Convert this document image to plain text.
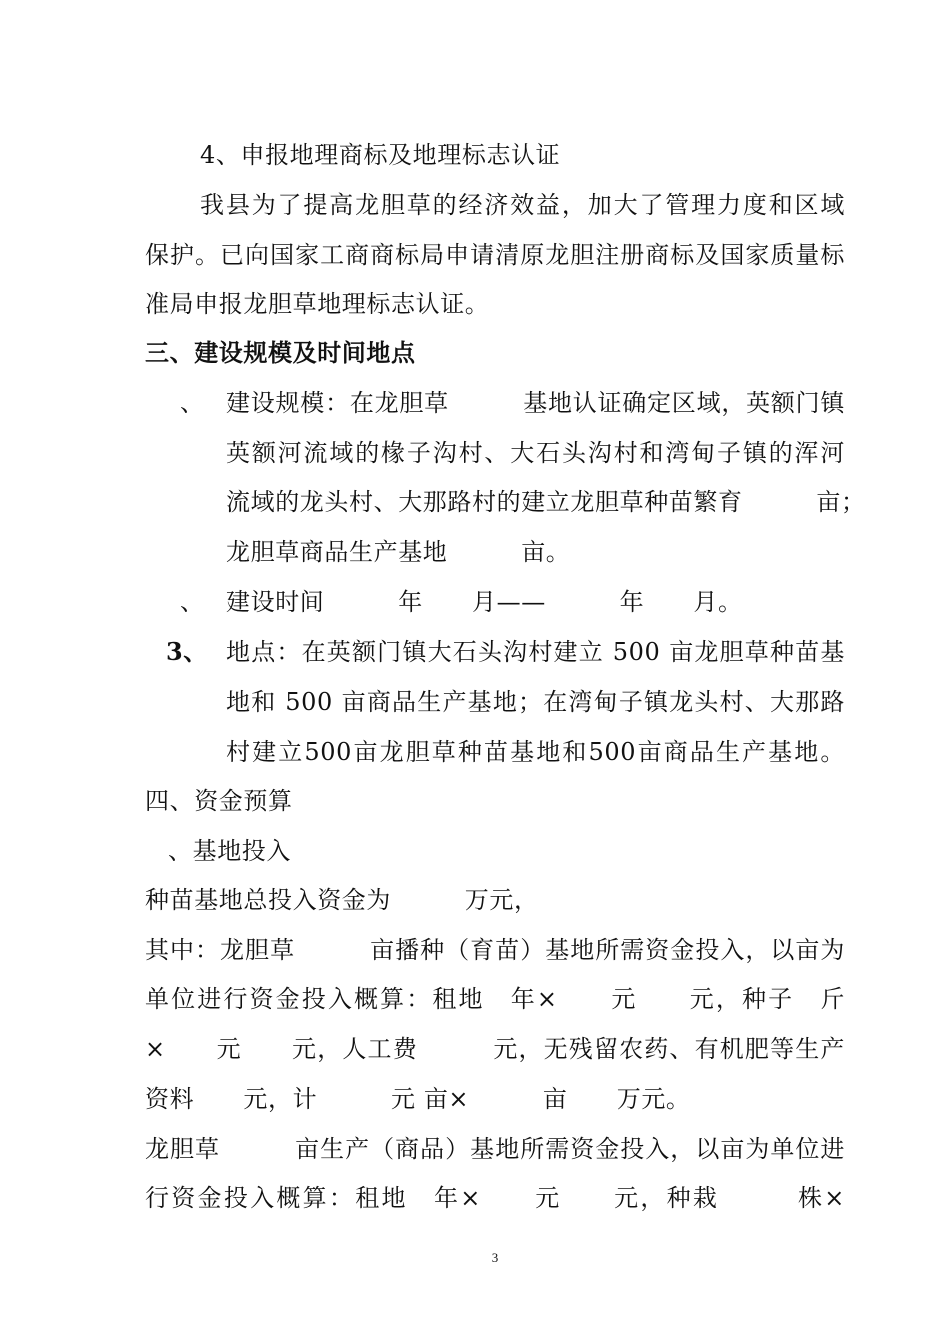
4、申报地理商标及地理标志认证
我县为了提高龙胆草的经济效益，加大了管理力度和区域
保护。已向国家工商商标局申请清原龙胆注册商标及国家质量标
准局申报龙胆草地理标志认证。
三、建设规模及时间地点
、 建设规模：在龙胆草　　　基地认证确定区域，英额门镇
英额河流域的椽子沟村、大石头沟村和湾甸子镇的浑河
流域的龙头村、大那路村的建立龙胆草种苗繁育　　　亩；
龙胆草商品生产基地　　　亩。
、 建设时间　　　年　　月——　　　年　　月。
3、 地点：在英额门镇大石头沟村建立 500 亩龙胆草种苗基
地和 500 亩商品生产基地；在湾甸子镇龙头村、大那路
村建立500亩龙胆草种苗基地和500亩商品生产基地。
四、资金预算
、基地投入
种苗基地总投入资金为　　　万元，
其中：龙胆草　　　亩播种（育苗）基地所需资金投入，以亩为
单位进行资金投入概算：租地　年×　　元　　元，种子　斤
×　　元　　元，人工费　　　元，无残留农药、有机肥等生产
资料　　元，计　　　元 亩×　　　亩　　万元。
龙胆草　　　亩生产（商品）基地所需资金投入，以亩为单位进
行资金投入概算：租地　年×　　元　　元，种栽　　　株×
3
